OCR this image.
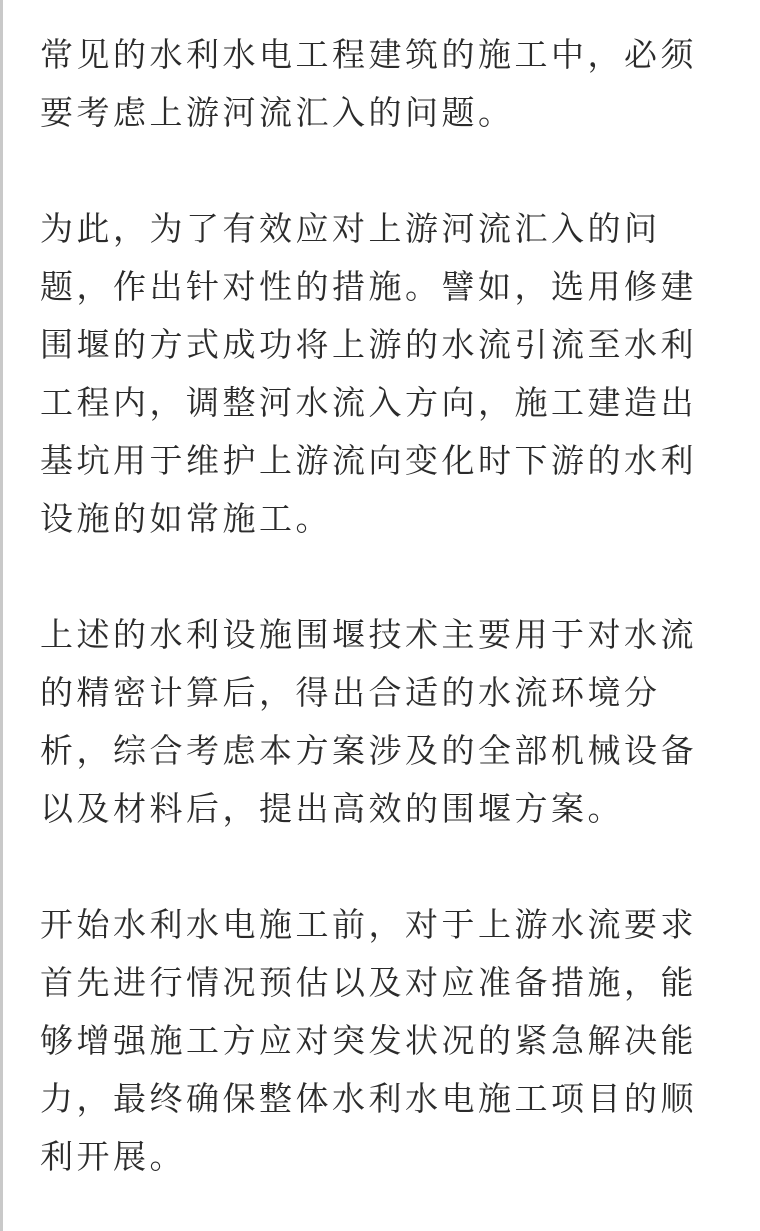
常见的水利水电工程建筑的施工中，必须
要考虑上游河流汇入的问题。

为此，为了有效应对上游河流汇入的问
题，作出针对性的措施。譬如，选用修建
围堰的方式成功将上游的水流引流至水利
工程内，调整河水流入方向，施工建造出
基坑用于维护上游流向变化时下游的水利
设施的如常施工。

上述的水利设施围堰技术主要用于对水流
的精密计算后，得出合适的水流环境分
析，综合考虑本方案涉及的全部机械设备
以及材料后，提出高效的围堰方案。

开始水利水电施工前，对于上游水流要求
首先进行情况预估以及对应准备措施，能
够增强施工方应对突发状况的紧急解决能
力，最终确保整体水利水电施工项目的顺
利开展。
